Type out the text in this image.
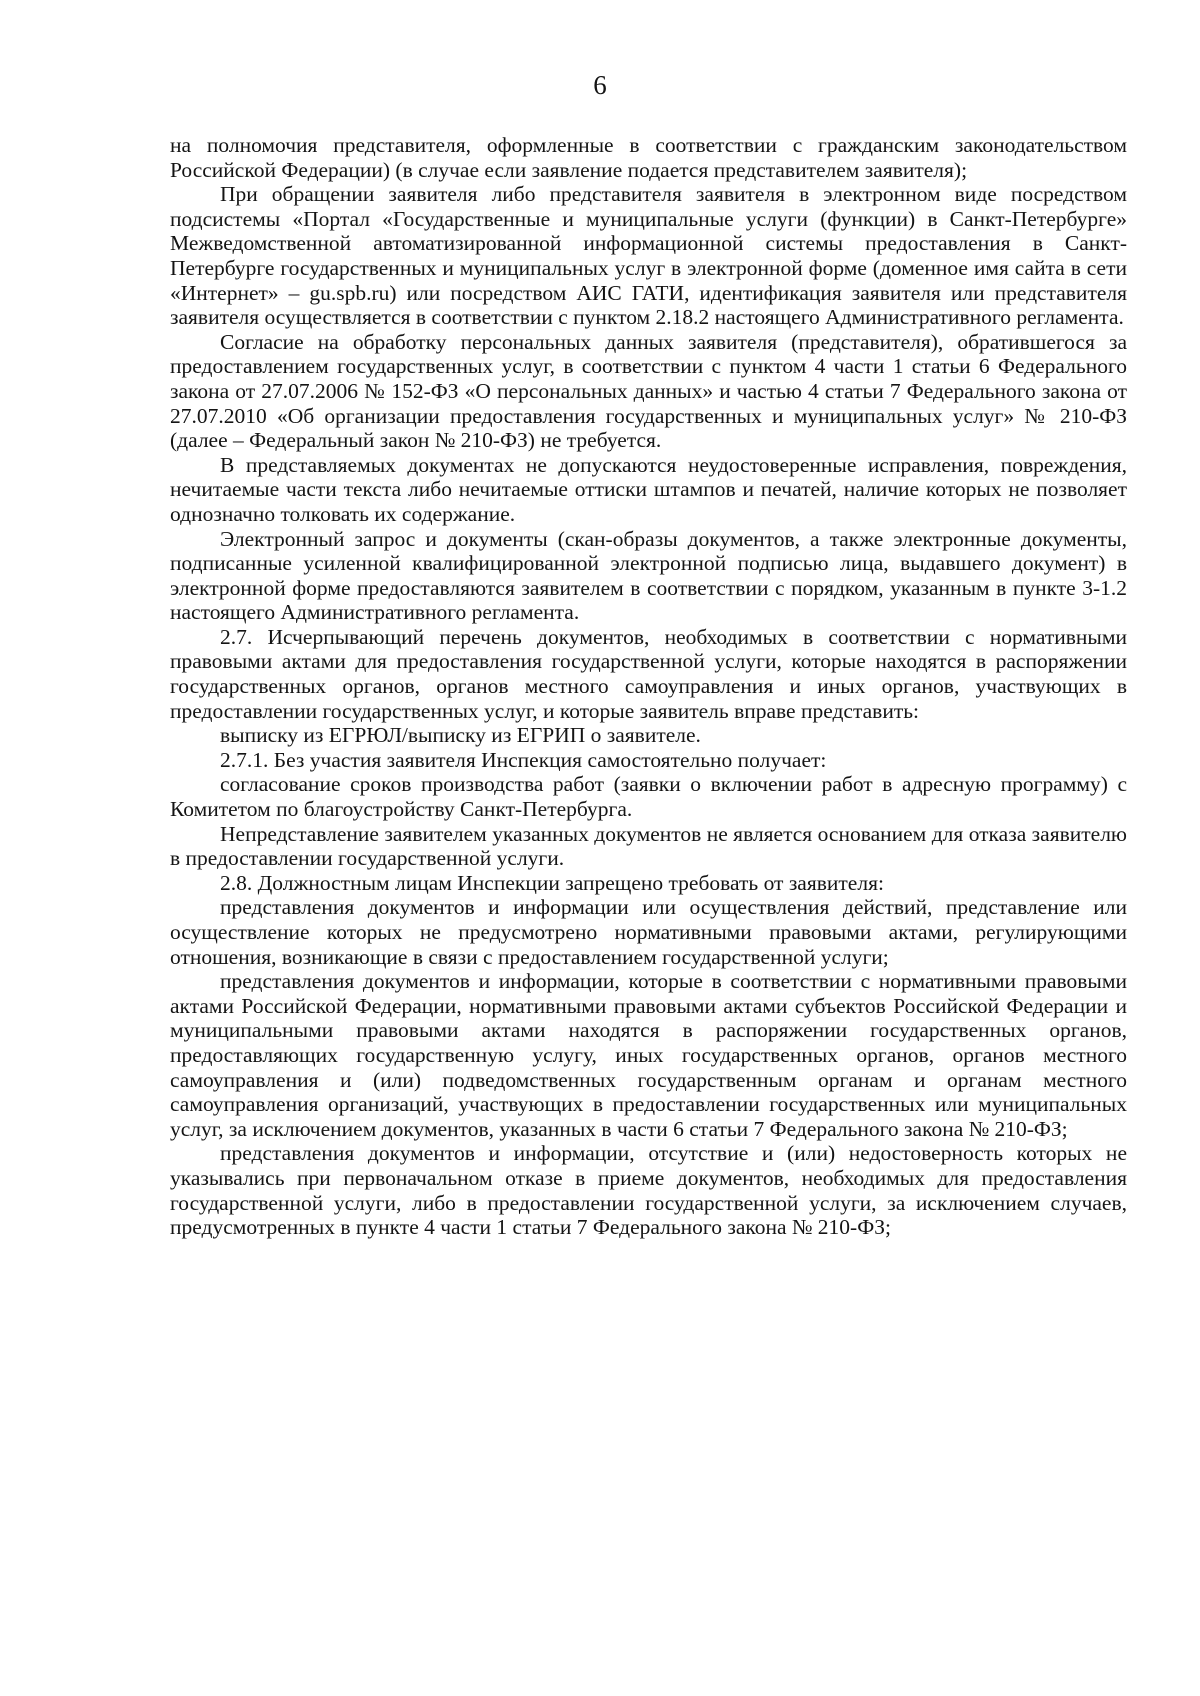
6

на полномочия представителя, оформленные в соответствии с гражданским законодательством Российской Федерации) (в случае если заявление подается представителем заявителя);

При обращении заявителя либо представителя заявителя в электронном виде посредством подсистемы «Портал «Государственные и муниципальные услуги (функции) в Санкт-Петербурге» Межведомственной автоматизированной информационной системы предоставления в Санкт-Петербурге государственных и муниципальных услуг в электронной форме (доменное имя сайта в сети «Интернет» – gu.spb.ru) или посредством АИС ГАТИ, идентификация заявителя или представителя заявителя осуществляется в соответствии с пунктом 2.18.2 настоящего Административного регламента.

Согласие на обработку персональных данных заявителя (представителя), обратившегося за предоставлением государственных услуг, в соответствии с пунктом 4 части 1 статьи 6 Федерального закона от 27.07.2006 № 152-ФЗ «О персональных данных» и частью 4 статьи 7 Федерального закона от 27.07.2010 «Об организации предоставления государственных и муниципальных услуг» № 210-ФЗ (далее – Федеральный закон № 210-ФЗ) не требуется.

В представляемых документах не допускаются неудостоверенные исправления, повреждения, нечитаемые части текста либо нечитаемые оттиски штампов и печатей, наличие которых не позволяет однозначно толковать их содержание.

Электронный запрос и документы (скан-образы документов, а также электронные документы, подписанные усиленной квалифицированной электронной подписью лица, выдавшего документ) в электронной форме предоставляются заявителем в соответствии с порядком, указанным в пункте 3-1.2 настоящего Административного регламента.

2.7. Исчерпывающий перечень документов, необходимых в соответствии с нормативными правовыми актами для предоставления государственной услуги, которые находятся в распоряжении государственных органов, органов местного самоуправления и иных органов, участвующих в предоставлении государственных услуг, и которые заявитель вправе представить:

выписку из ЕГРЮЛ/выписку из ЕГРИП о заявителе.

2.7.1. Без участия заявителя Инспекция самостоятельно получает:

согласование сроков производства работ (заявки о включении работ в адресную программу) с Комитетом по благоустройству Санкт-Петербурга.

Непредставление заявителем указанных документов не является основанием для отказа заявителю в предоставлении государственной услуги.

2.8. Должностным лицам Инспекции запрещено требовать от заявителя:

представления документов и информации или осуществления действий, представление или осуществление которых не предусмотрено нормативными правовыми актами, регулирующими отношения, возникающие в связи с предоставлением государственной услуги;

представления документов и информации, которые в соответствии с нормативными правовыми актами Российской Федерации, нормативными правовыми актами субъектов Российской Федерации и муниципальными правовыми актами находятся в распоряжении государственных органов, предоставляющих государственную услугу, иных государственных органов, органов местного самоуправления и (или) подведомственных государственным органам и органам местного самоуправления организаций, участвующих в предоставлении государственных или муниципальных услуг, за исключением документов, указанных в части 6 статьи 7 Федерального закона № 210-ФЗ;

представления документов и информации, отсутствие и (или) недостоверность которых не указывались при первоначальном отказе в приеме документов, необходимых для предоставления государственной услуги, либо в предоставлении государственной услуги, за исключением случаев, предусмотренных в пункте 4 части 1 статьи 7 Федерального закона № 210-ФЗ;
